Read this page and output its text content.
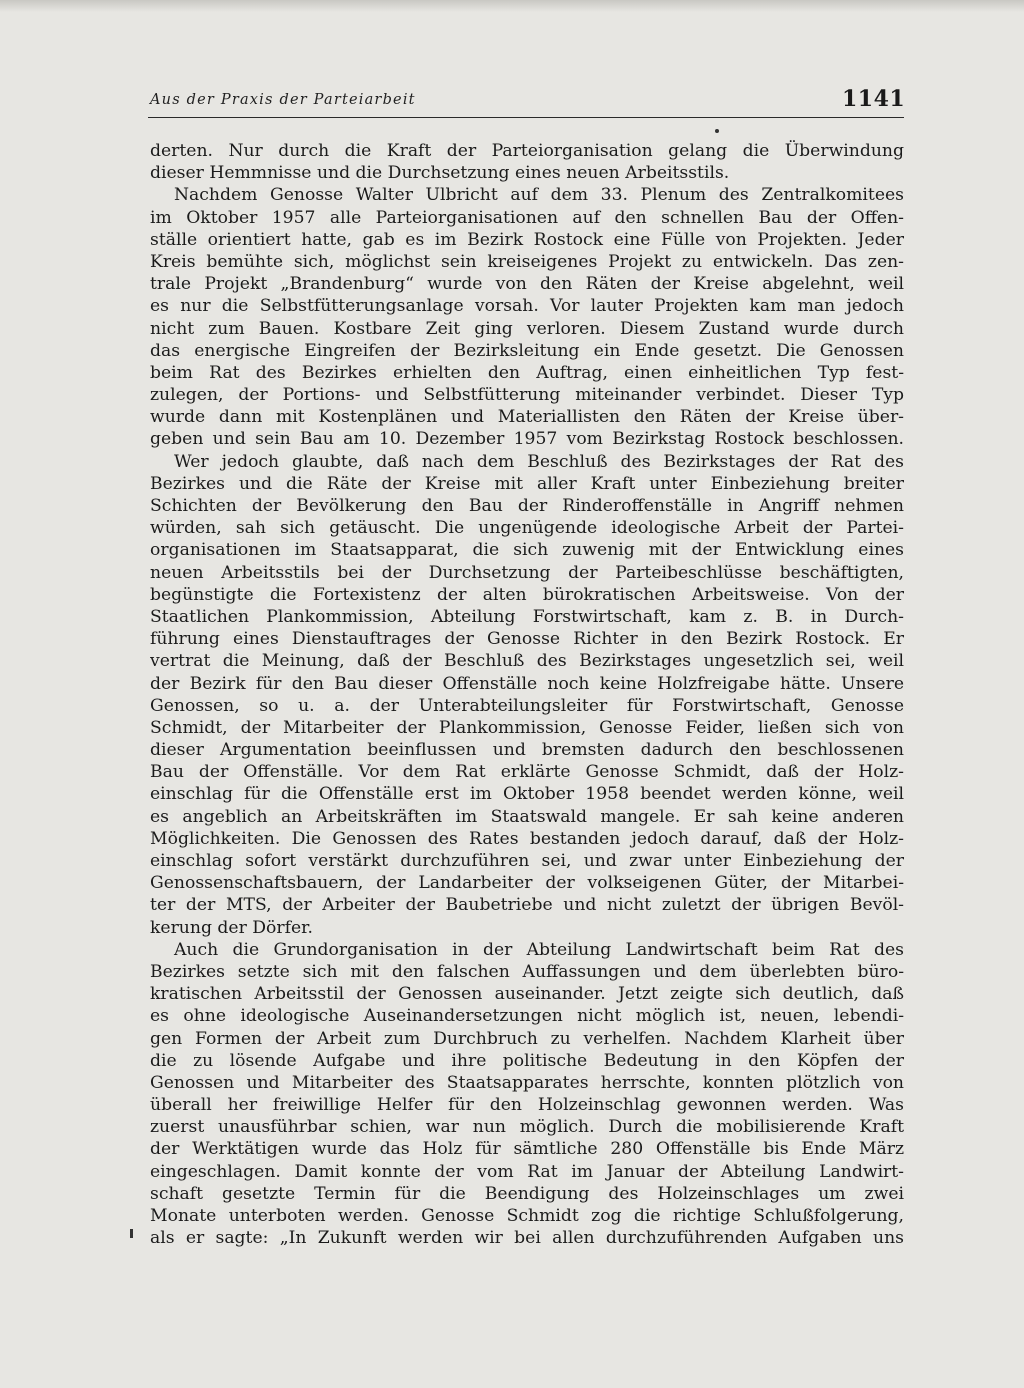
Aus der Praxis der Parteiarbeit	1141
derten. Nur durch die Kraft der Parteiorganisation gelang die Überwindung
dieser Hemmnisse und die Durchsetzung eines neuen Arbeitsstils.
Nachdem Genosse Walter Ulbricht auf dem 33. Plenum des Zentralkomitees
im Oktober 1957 alle Parteiorganisationen auf den schnellen Bau der Offen-
ställe orientiert hatte, gab es im Bezirk Rostock eine Fülle von Projekten. Jeder
Kreis bemühte sich, möglichst sein kreiseigenes Projekt zu entwickeln. Das zen-
trale Projekt „Brandenburg“ wurde von den Räten der Kreise abgelehnt, weil
es nur die Selbstfütterungsanlage vorsah. Vor lauter Projekten kam man jedoch
nicht zum Bauen. Kostbare Zeit ging verloren. Diesem Zustand wurde durch
das energische Eingreifen der Bezirksleitung ein Ende gesetzt. Die Genossen
beim Rat des Bezirkes erhielten den Auftrag, einen einheitlichen Typ fest-
zulegen, der Portions- und Selbstfütterung miteinander verbindet. Dieser Typ
wurde dann mit Kostenplänen und Materiallisten den Räten der Kreise über-
geben und sein Bau am 10. Dezember 1957 vom Bezirkstag Rostock beschlossen.
Wer jedoch glaubte, daß nach dem Beschluß des Bezirkstages der Rat des
Bezirkes und die Räte der Kreise mit aller Kraft unter Einbeziehung breiter
Schichten der Bevölkerung den Bau der Rinderoffenställe in Angriff nehmen
würden, sah sich getäuscht. Die ungenügende ideologische Arbeit der Partei-
organisationen im Staatsapparat, die sich zuwenig mit der Entwicklung eines
neuen Arbeitsstils bei der Durchsetzung der Parteibeschlüsse beschäftigten,
begünstigte die Fortexistenz der alten bürokratischen Arbeitsweise. Von der
Staatlichen Plankommission, Abteilung Forstwirtschaft, kam z. B. in Durch-
führung eines Dienstauftrages der Genosse Richter in den Bezirk Rostock. Er
vertrat die Meinung, daß der Beschluß des Bezirkstages ungesetzlich sei, weil
der Bezirk für den Bau dieser Offenställe noch keine Holzfreigabe hätte. Unsere
Genossen, so u. a. der Unterabteilungsleiter für Forstwirtschaft, Genosse
Schmidt, der Mitarbeiter der Plankommission, Genosse Feider, ließen sich von
dieser Argumentation beeinflussen und bremsten dadurch den beschlossenen
Bau der Offenställe. Vor dem Rat erklärte Genosse Schmidt, daß der Holz-
einschlag für die Offenställe erst im Oktober 1958 beendet werden könne, weil
es angeblich an Arbeitskräften im Staatswald mangele. Er sah keine anderen
Möglichkeiten. Die Genossen des Rates bestanden jedoch darauf, daß der Holz-
einschlag sofort verstärkt durchzuführen sei, und zwar unter Einbeziehung der
Genossenschaftsbauern, der Landarbeiter der volkseigenen Güter, der Mitarbei-
ter der MTS, der Arbeiter der Baubetriebe und nicht zuletzt der übrigen Bevöl-
kerung der Dörfer.
Auch die Grundorganisation in der Abteilung Landwirtschaft beim Rat des
Bezirkes setzte sich mit den falschen Auffassungen und dem überlebten büro-
kratischen Arbeitsstil der Genossen auseinander. Jetzt zeigte sich deutlich, daß
es ohne ideologische Auseinandersetzungen nicht möglich ist, neuen, lebendi-
gen Formen der Arbeit zum Durchbruch zu verhelfen. Nachdem Klarheit über
die zu lösende Aufgabe und ihre politische Bedeutung in den Köpfen der
Genossen und Mitarbeiter des Staatsapparates herrschte, konnten plötzlich von
überall her freiwillige Helfer für den Holzeinschlag gewonnen werden. Was
zuerst unausführbar schien, war nun möglich. Durch die mobilisierende Kraft
der Werktätigen wurde das Holz für sämtliche 280 Offenställe bis Ende März
eingeschlagen. Damit konnte der vom Rat im Januar der Abteilung Landwirt-
schaft gesetzte Termin für die Beendigung des Holzeinschlages um zwei
Monate unterboten werden. Genosse Schmidt zog die richtige Schlußfolgerung,
als er sagte: „In Zukunft werden wir bei allen durchzuführenden Aufgaben uns
